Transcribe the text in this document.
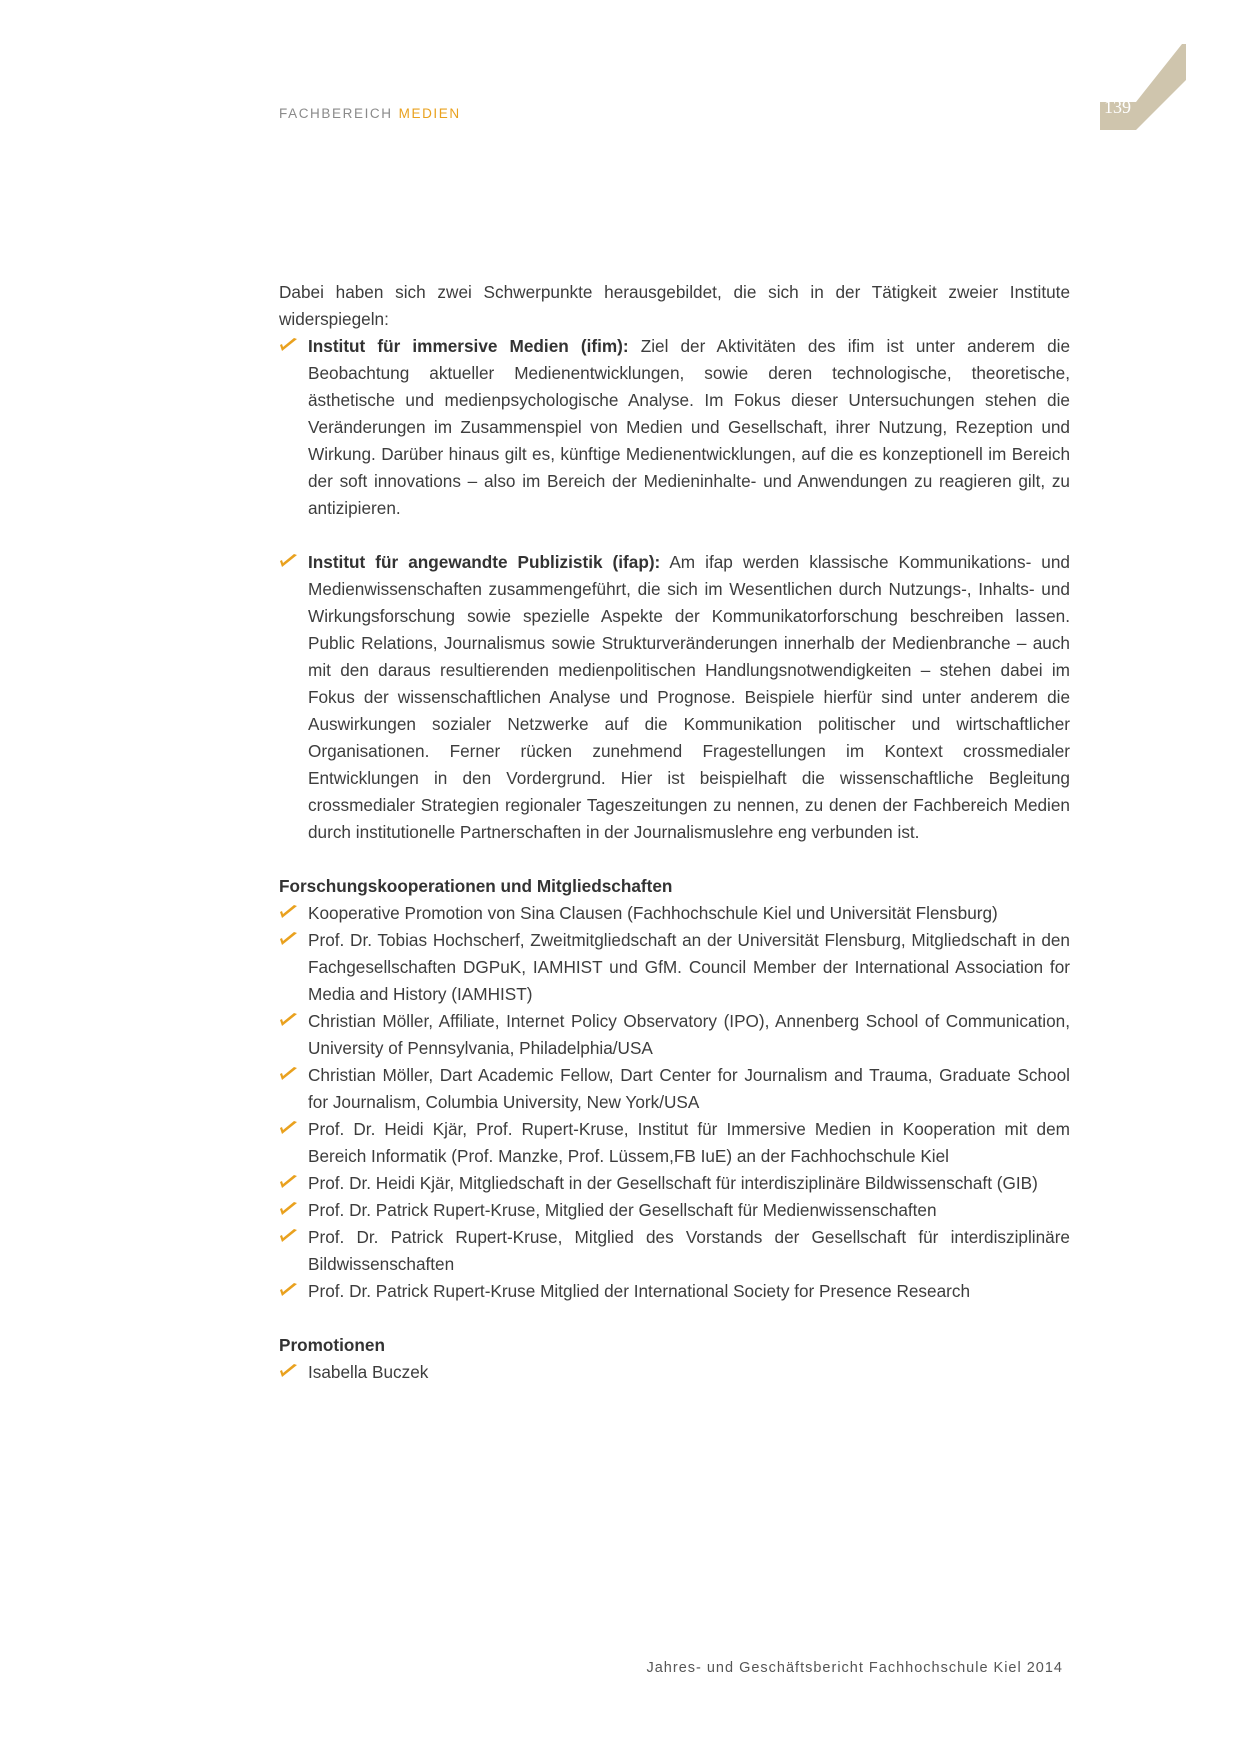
FACHBEREICH MEDIEN	139

Dabei haben sich zwei Schwerpunkte herausgebildet, die sich in der Tätigkeit zweier Institute widerspiegeln:

Institut für immersive Medien (ifim): Ziel der Aktivitäten des ifim ist unter anderem die Beobachtung aktueller Medienentwicklungen, sowie deren technologische, theoretische, ästhetische und medienpsychologische Analyse. Im Fokus dieser Untersuchungen stehen die Veränderungen im Zusammenspiel von Medien und Gesellschaft, ihrer Nutzung, Rezeption und Wirkung. Darüber hinaus gilt es, künftige Medienentwicklungen, auf die es konzeptionell im Bereich der soft innovations – also im Bereich der Medieninhalte- und Anwendungen zu reagieren gilt, zu antizipieren.
Institut für angewandte Publizistik (ifap): Am ifap werden klassische Kommunikations- und Medienwissenschaften zusammengeführt, die sich im Wesentlichen durch Nutzungs-, Inhalts- und Wirkungsforschung sowie spezielle Aspekte der Kommunikatorforschung beschreiben lassen. Public Relations, Journalismus sowie Strukturveränderungen innerhalb der Medienbranche – auch mit den daraus resultierenden medienpolitischen Handlungsnotwendigkeiten – stehen dabei im Fokus der wissenschaftlichen Analyse und Prognose. Beispiele hierfür sind unter anderem die Auswirkungen sozialer Netzwerke auf die Kommunikation politischer und wirtschaftlicher Organisationen. Ferner rücken zunehmend Fragestellungen im Kontext crossmedialer Entwicklungen in den Vordergrund. Hier ist beispielhaft die wissenschaftliche Begleitung crossmedialer Strategien regionaler Tageszeitungen zu nennen, zu denen der Fachbereich Medien durch institutionelle Partnerschaften in der Journalismuslehre eng verbunden ist.
Forschungskooperationen und Mitgliedschaften
Kooperative Promotion von Sina Clausen (Fachhochschule Kiel und Universität Flensburg)
Prof. Dr. Tobias Hochscherf, Zweitmitgliedschaft an der Universität Flensburg, Mitgliedschaft in den Fachgesellschaften DGPuK, IAMHIST und GfM. Council Member der International Association for Media and History (IAMHIST)
Christian Möller, Affiliate, Internet Policy Observatory (IPO), Annenberg School of Communication, University of Pennsylvania, Philadelphia/USA
Christian Möller, Dart Academic Fellow, Dart Center for Journalism and Trauma, Graduate School for Journalism, Columbia University, New York/USA
Prof. Dr. Heidi Kjär, Prof. Rupert-Kruse, Institut für Immersive Medien in Kooperation mit dem Bereich Informatik (Prof. Manzke, Prof. Lüssem,FB IuE) an der Fachhochschule Kiel
Prof. Dr. Heidi Kjär, Mitgliedschaft in der Gesellschaft für interdisziplinäre Bildwissenschaft (GIB)
Prof. Dr. Patrick Rupert-Kruse, Mitglied der Gesellschaft für Medienwissenschaften
Prof. Dr. Patrick Rupert-Kruse, Mitglied des Vorstands der Gesellschaft für interdisziplinäre Bildwissenschaften
Prof. Dr. Patrick Rupert-Kruse Mitglied der International Society for Presence Research
Promotionen
Isabella Buczek
Jahres- und Geschäftsbericht Fachhochschule Kiel 2014
